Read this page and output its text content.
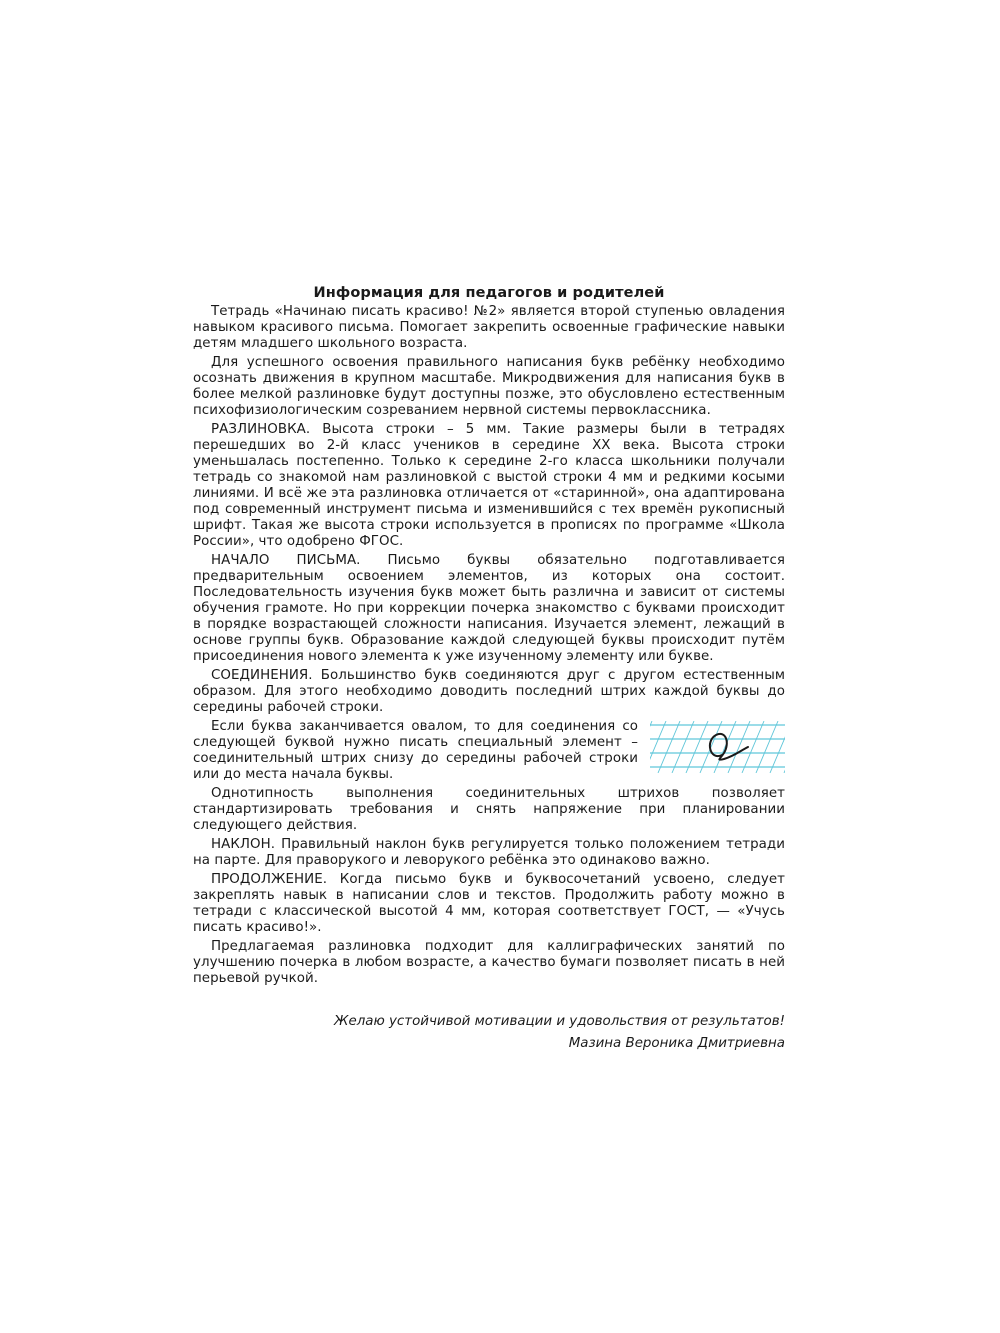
Информация для педагогов и родителей

Тетрадь «Начинаю писать красиво! №2» является второй ступенью овладения навыком красивого письма. Помогает закрепить освоенные графические навыки детям младшего школьного возраста.

Для успешного освоения правильного написания букв ребёнку необходимо осознать движения в крупном масштабе. Микродвижения для написания букв в более мелкой разлиновке будут доступны позже, это обусловлено естественным психофизиологическим созреванием нервной системы первоклассника.

РАЗЛИНОВКА. Высота строки – 5 мм. Такие размеры были в тетрадях перешедших во 2-й класс учеников в середине XX века. Высота строки уменьшалась постепенно. Только к середине 2-го класса школьники получали тетрадь со знакомой нам разлиновкой с выстой строки 4 мм и редкими косыми линиями. И всё же эта разлиновка отличается от «старинной», она адаптирована под современный инструмент письма и изменившийся с тех времён рукописный шрифт. Такая же высота строки используется в прописях по программе «Школа России», что одобрено ФГОС.

НАЧАЛО ПИСЬМА. Письмо буквы обязательно подготавливается предварительным освоением элементов, из которых она состоит. Последовательность изучения букв может быть различна и зависит от системы обучения грамоте. Но при коррекции почерка знакомство с буквами происходит в порядке возрастающей сложности написания. Изучается элемент, лежащий в основе группы букв. Образование каждой следующей буквы происходит путём присоединения нового элемента к уже изученному элементу или букве.

СОЕДИНЕНИЯ. Большинство букв соединяются друг с другом естественным образом. Для этого необходимо доводить последний штрих каждой буквы до середины рабочей строки.

Если буква заканчивается овалом, то для соединения со следующей буквой нужно писать специальный элемент – соединительный штрих снизу до середины рабочей строки или до места начала буквы.

Однотипность выполнения соединительных штрихов позволяет стандартизировать требования и снять напряжение при планировании следующего действия.

НАКЛОН. Правильный наклон букв регулируется только положением тетради на парте. Для праворукого и леворукого ребёнка это одинаково важно.

ПРОДОЛЖЕНИЕ. Когда письмо букв и буквосочетаний усвоено, следует закреплять навык в написании слов и текстов. Продолжить работу можно в тетради с классической высотой 4 мм, которая соответствует ГОСТ, — «Учусь писать красиво!».

Предлагаемая разлиновка подходит для каллиграфических занятий по улучшению почерка в любом возрасте, а качество бумаги позволяет писать в ней перьевой ручкой.

Желаю устойчивой мотивации и удовольствия от результатов!
Мазина Вероника Дмитриевна
